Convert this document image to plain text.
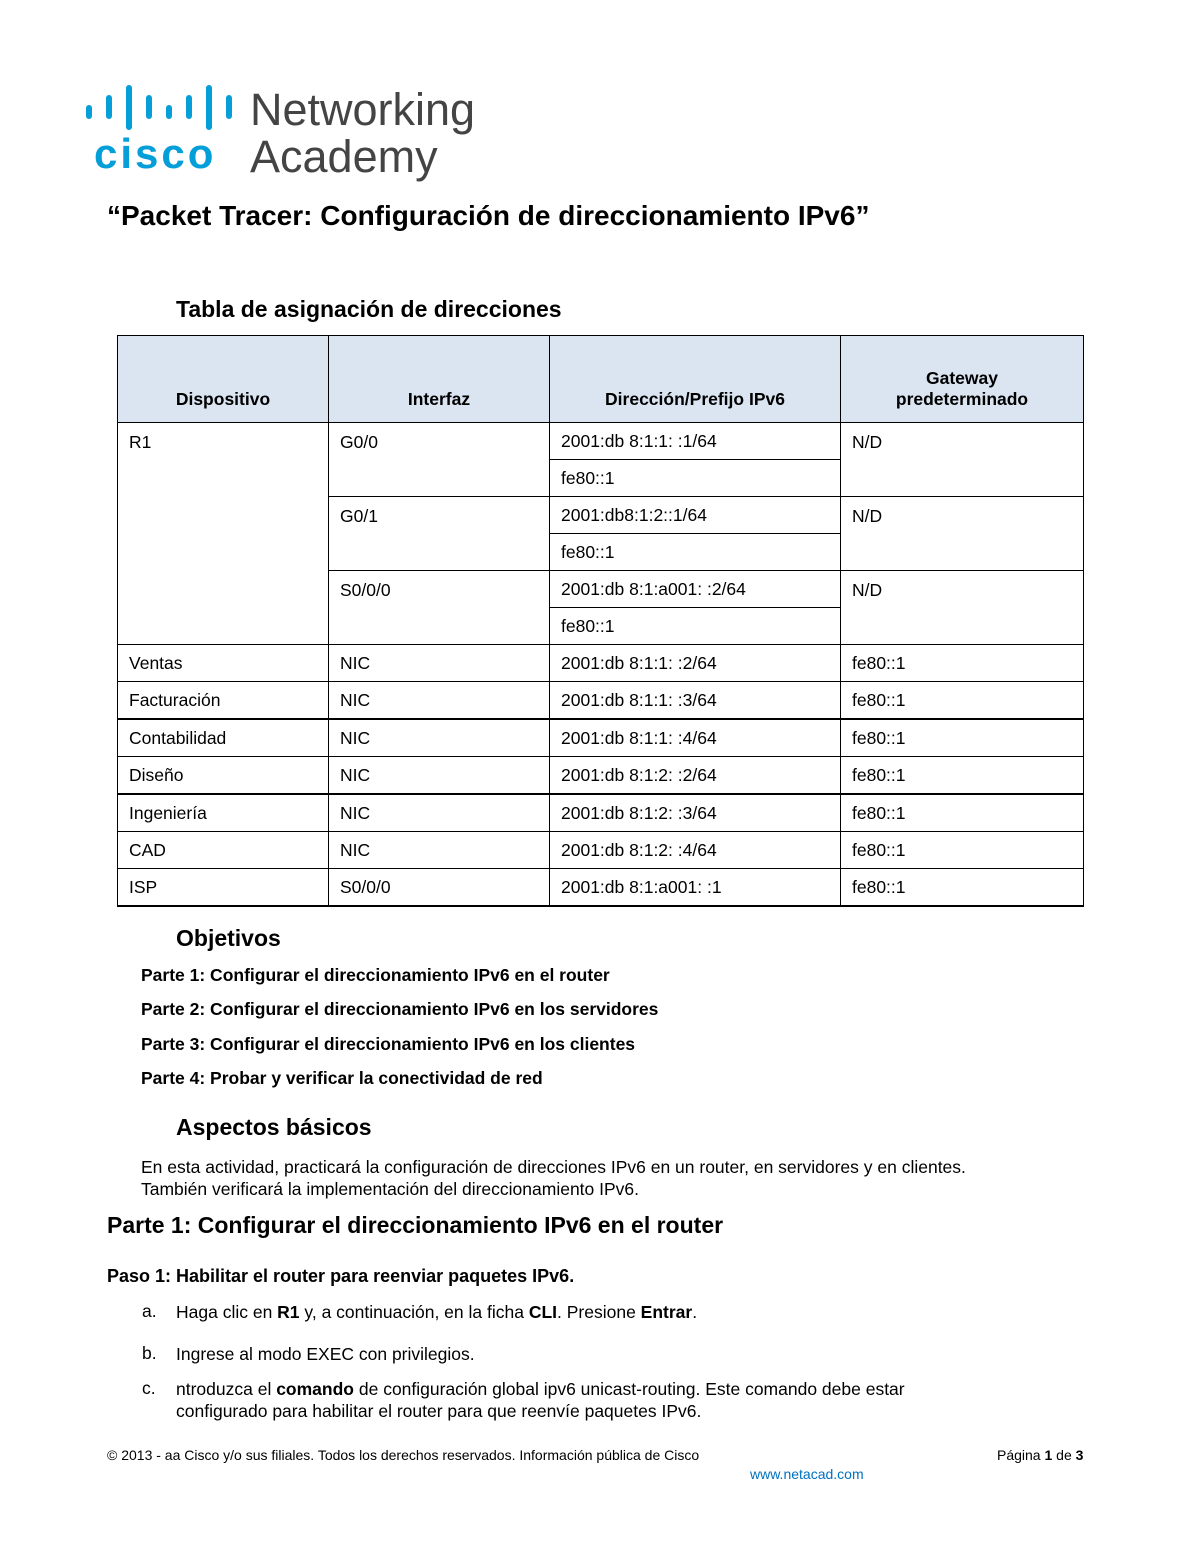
cisco
Networking
Academy
“Packet Tracer: Configuración de direccionamiento IPv6”
Tabla de asignación de direcciones
Dispositivo	Interfaz	Dirección/Prefijo IPv6	Gateway predeterminado
R1	G0/0	2001:db 8:1:1: :1/64	N/D
		fe80::1	
	G0/1	2001:db8:1:2::1/64	N/D
		fe80::1	
	S0/0/0	2001:db 8:1:a001: :2/64	N/D
		fe80::1	
Ventas	NIC	2001:db 8:1:1: :2/64	fe80::1
Facturación	NIC	2001:db 8:1:1: :3/64	fe80::1
Contabilidad	NIC	2001:db 8:1:1: :4/64	fe80::1
Diseño	NIC	2001:db 8:1:2: :2/64	fe80::1
Ingeniería	NIC	2001:db 8:1:2: :3/64	fe80::1
CAD	NIC	2001:db 8:1:2: :4/64	fe80::1
ISP	S0/0/0	2001:db 8:1:a001: :1	fe80::1
Objetivos
Parte 1: Configurar el direccionamiento IPv6 en el router
Parte 2: Configurar el direccionamiento IPv6 en los servidores
Parte 3: Configurar el direccionamiento IPv6 en los clientes
Parte 4: Probar y verificar la conectividad de red
Aspectos básicos
En esta actividad, practicará la configuración de direcciones IPv6 en un router, en servidores y en clientes.
También verificará la implementación del direccionamiento IPv6.
Parte 1: Configurar el direccionamiento IPv6 en el router
Paso 1: Habilitar el router para reenviar paquetes IPv6.
a. Haga clic en R1 y, a continuación, en la ficha CLI. Presione Entrar.
b. Ingrese al modo EXEC con privilegios.
c. ntroduzca el comando de configuración global ipv6 unicast-routing. Este comando debe estar
configurado para habilitar el router para que reenvíe paquetes IPv6.
© 2013 - aa Cisco y/o sus filiales. Todos los derechos reservados. Información pública de Cisco	Página 1 de 3
www.netacad.com
